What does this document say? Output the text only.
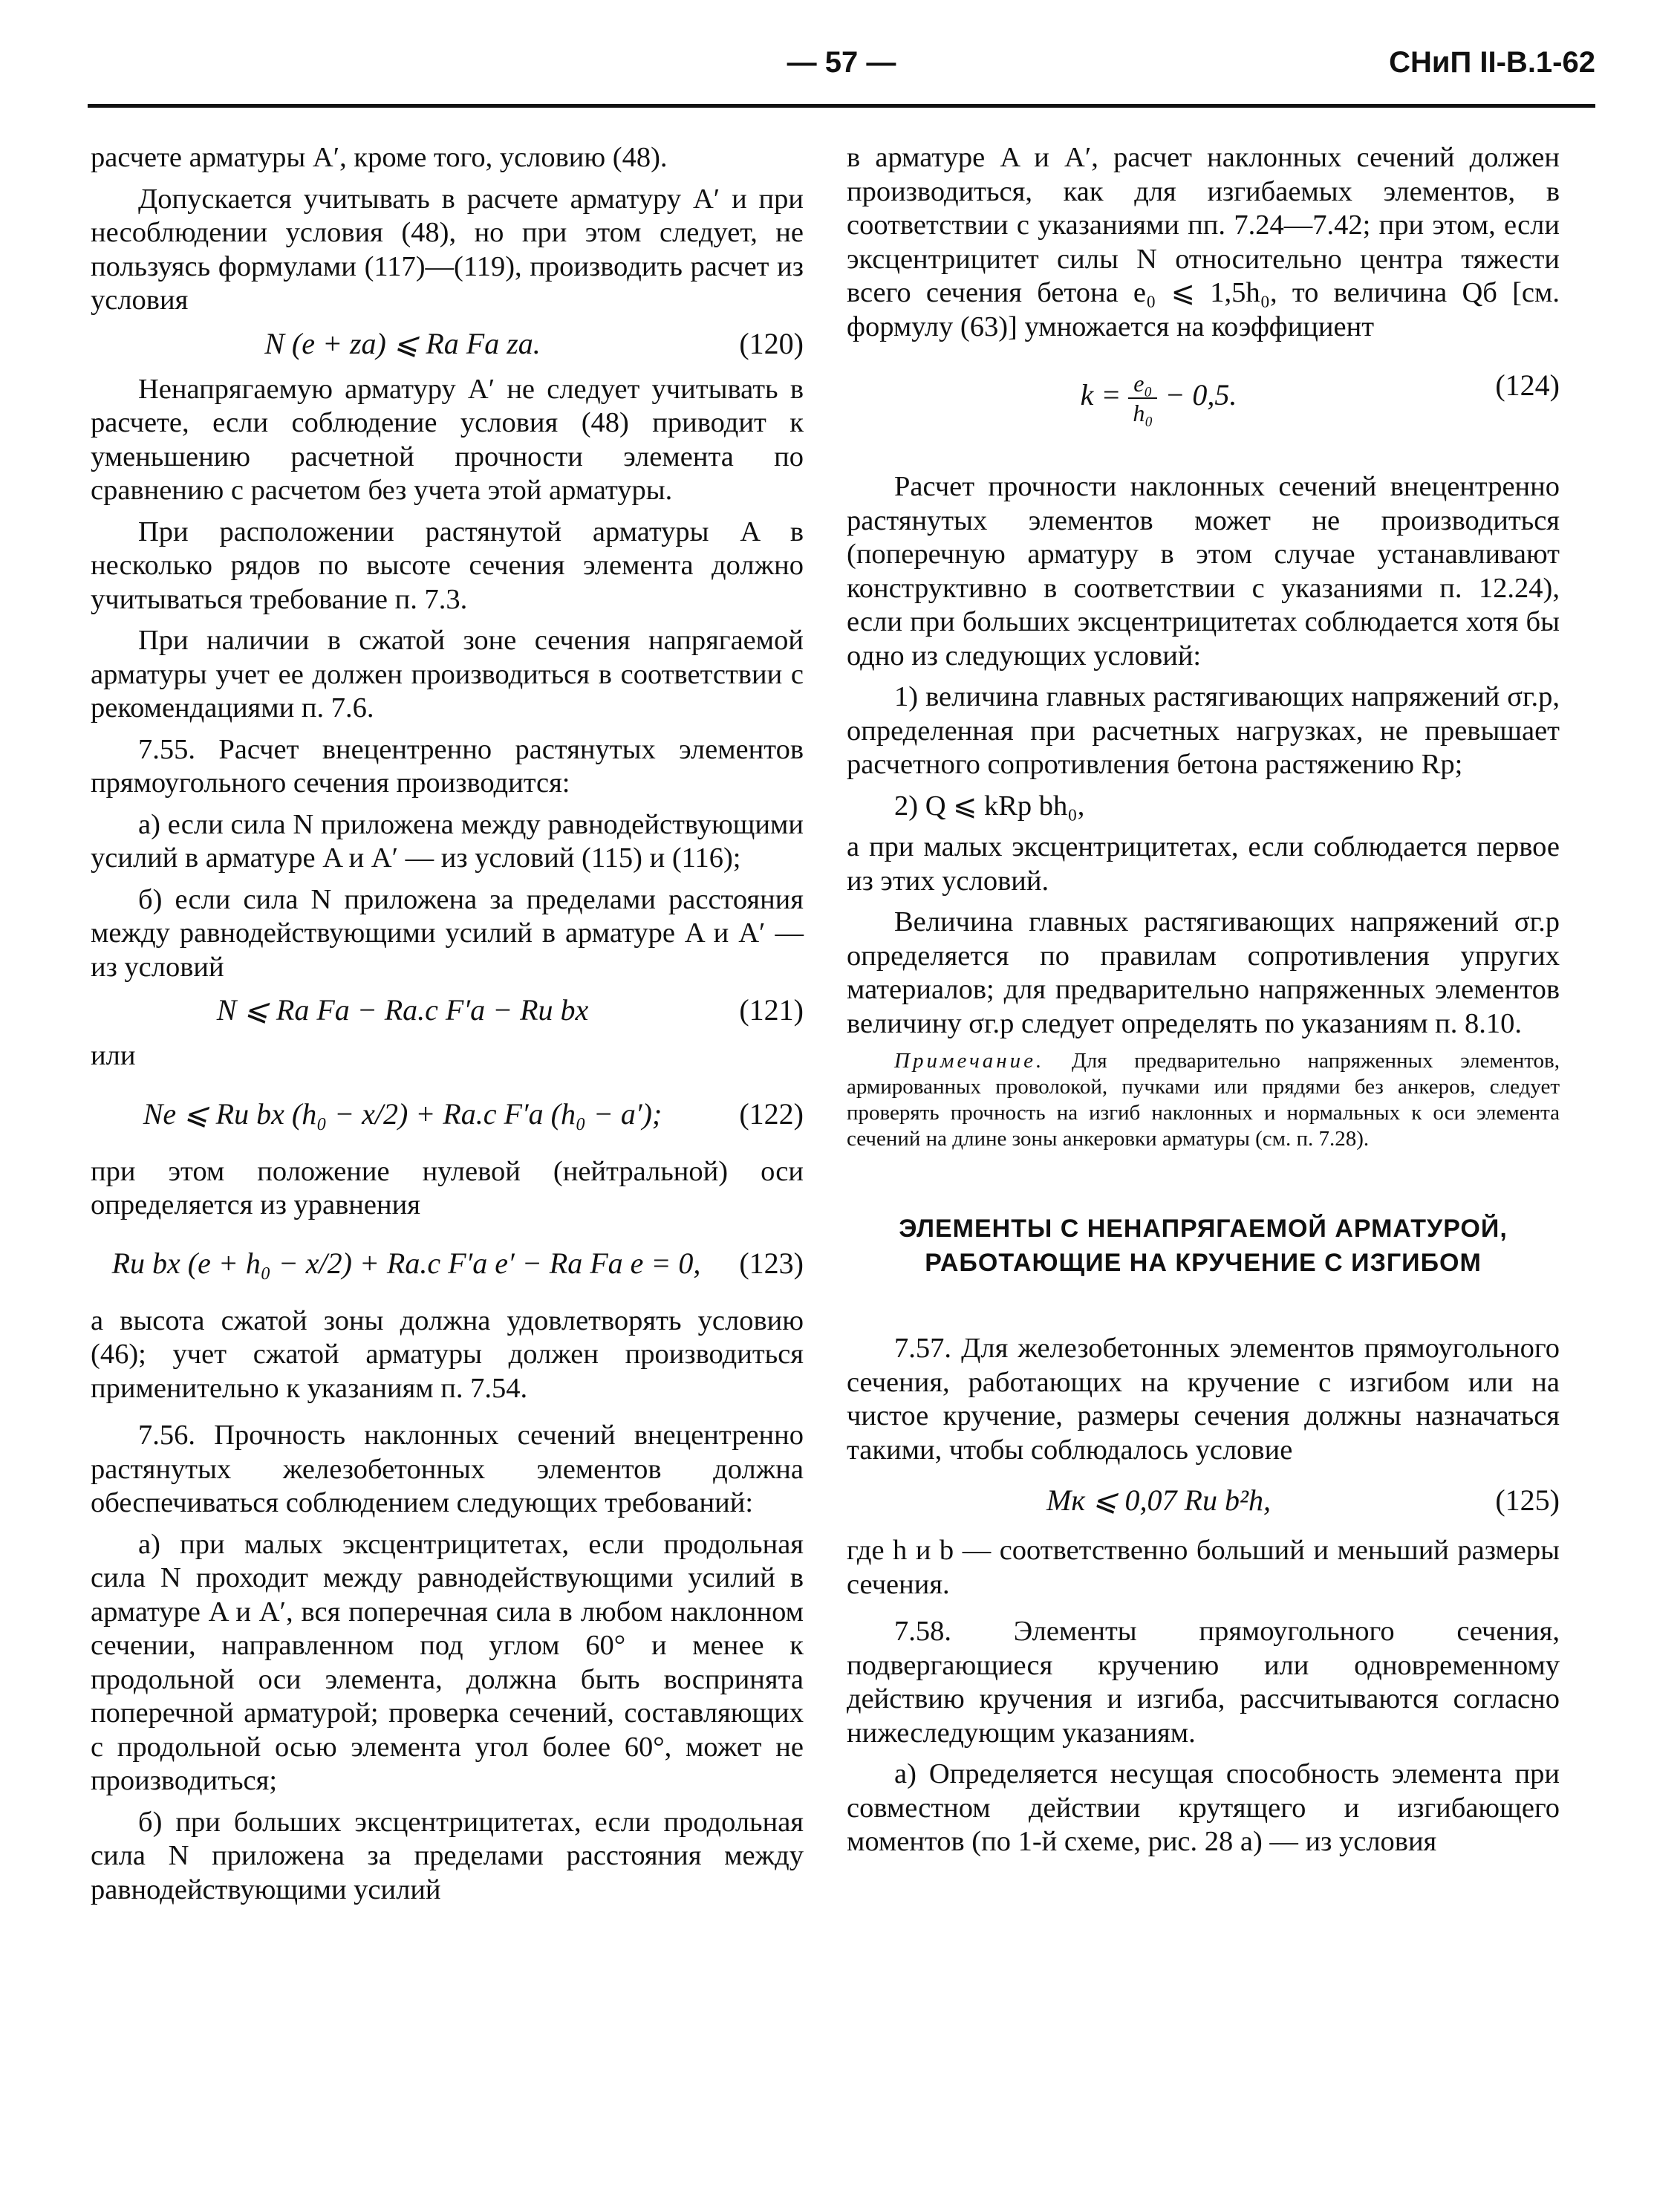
— 57 —	СНиП II-В.1-62

расчете арматуры A′, кроме того, условию (48).

Допускается учитывать в расчете арматуру A′ и при несоблюдении условия (48), но при этом следует, не пользуясь формулами (117)—(119), производить расчет из условия

N (e + zа) ⩽ Rа Fа zа.	(120)

Ненапрягаемую арматуру A′ не следует учитывать в расчете, если соблюдение условия (48) приводит к уменьшению расчетной прочности элемента по сравнению с расчетом без учета этой арматуры.

При расположении растянутой арматуры A в несколько рядов по высоте сечения элемента должно учитываться требование п. 7.3.

При наличии в сжатой зоне сечения напрягаемой арматуры учет ее должен производиться в соответствии с рекомендациями п. 7.6.

7.55. Расчет внецентренно растянутых элементов прямоугольного сечения производится:

а) если сила N приложена между равнодействующими усилий в арматуре A и A′ — из условий (115) и (116);

б) если сила N приложена за пределами расстояния между равнодействующими усилий в арматуре A и A′ — из условий

N ⩽ Rа Fа − Rа.с F′а − Rи bx	(121)

или

Ne ⩽ Rи bx (h₀ − x/2) + Rа.с F′а (h₀ − a′);	(122)

при этом положение нулевой (нейтральной) оси определяется из уравнения

Rи bx (e + h₀ − x/2) + Rа.с F′а e′ − Rа Fа e = 0, (123)

а высота сжатой зоны должна удовлетворять условию (46); учет сжатой арматуры должен производиться применительно к указаниям п. 7.54.

7.56. Прочность наклонных сечений внецентренно растянутых железобетонных элементов должна обеспечиваться соблюдением следующих требований:

а) при малых эксцентрицитетах, если продольная сила N проходит между равнодействующими усилий в арматуре A и A′, вся поперечная сила в любом наклонном сечении, направленном под углом 60° и менее к продольной оси элемента, должна быть воспринята поперечной арматурой; проверка сечений, составляющих с продольной осью элемента угол более 60°, может не производиться;

б) при больших эксцентрицитетах, если продольная сила N приложена за пределами расстояния между равнодействующими усилий

в арматуре A и A′, расчет наклонных сечений должен производиться, как для изгибаемых элементов, в соответствии с указаниями пп. 7.24—7.42; при этом, если эксцентрицитет силы N относительно центра тяжести всего сечения бетона e₀ ⩽ 1,5h₀, то величина Qб [см. формулу (63)] умножается на коэффициент

$k = \frac{\text{e₀}}{\text{h₀}} - 0,5$.	(124)

Расчет прочности наклонных сечений внецентренно растянутых элементов может не производиться (поперечную арматуру в этом случае устанавливают конструктивно в соответствии с указаниями п. 12.24), если при больших эксцентрицитетах соблюдается хотя бы одно из следующих условий:

1) величина главных растягивающих напряжений σг.р, определенная при расчетных нагрузках, не превышает расчетного сопротивления бетона растяжению Rр;

2) Q ⩽ kRр bh₀,

а при малых эксцентрицитетах, если соблюдается первое из этих условий.

Величина главных растягивающих напряжений σг.р определяется по правилам сопротивления упругих материалов; для предварительно напряженных элементов величину σг.р следует определять по указаниям п. 8.10.

Примечание. Для предварительно напряженных элементов, армированных проволокой, пучками или прядями без анкеров, следует проверять прочность на изгиб наклонных и нормальных к оси элемента сечений на длине зоны анкеровки арматуры (см. п. 7.28).
ЭЛЕМЕНТЫ С НЕНАПРЯГАЕМОЙ АРМАТУРОЙ,
РАБОТАЮЩИЕ НА КРУЧЕНИЕ С ИЗГИБОМ

7.57. Для железобетонных элементов прямоугольного сечения, работающих на кручение с изгибом или на чистое кручение, размеры сечения должны назначаться такими, чтобы соблюдалось условие

Mк ⩽ 0,07 Rи b²h,	(125)

где h и b — соответственно больший и меньший размеры сечения.

7.58. Элементы прямоугольного сечения, подвергающиеся кручению или одновременному действию кручения и изгиба, рассчитываются согласно нижеследующим указаниям.

а) Определяется несущая способность элемента при совместном действии крутящего и изгибающего моментов (по 1-й схеме, рис. 28 а) — из условия
